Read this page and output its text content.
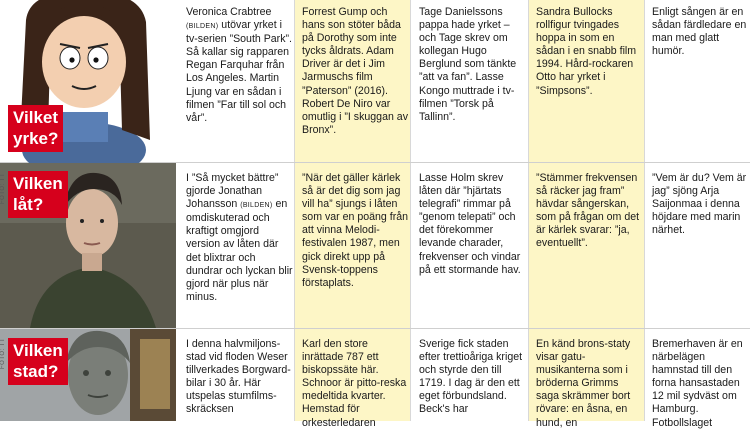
Vilket
yrke?
Vilken
låt?
FOTO: TT
Vilken
stad?
FOTO: TT
Veronica Crabtree (BILDEN) utövar yrket i tv-serien ”South Park”. Så kallar sig rapparen Regan Farquhar från Los Angeles. Martin Ljung var en sådan i filmen ”Far till sol och vår”.
Forrest Gump och hans son stöter båda på Dorothy som inte tycks åldrats. Adam Driver är det i Jim Jarmuschs film ”Paterson” (2016). Robert De Niro var omutlig i ”I skuggan av Bronx”.
Tage Danielssons pappa hade yrket – och Tage skrev om kollegan Hugo Berglund som tänkte ”att va fan”. Lasse Kongo muttrade i tv-filmen ”Torsk på Tallinn”.
Sandra Bullocks rollfigur tvingades hoppa in som en sådan i en snabb film 1994. Hård-rockaren Otto har yrket i ”Simpsons”.
Enligt sången är en sådan färdledare en man med glatt humör.
I ”Så mycket bättre” gjorde Jonathan Johansson (BILDEN) en omdiskuterad och kraftigt omgjord version av låten där det blixtrar och dundrar och lyckan blir gjord när plus när minus.
”När det gäller kärlek så är det dig som jag vill ha” sjungs i låten som var en poäng från att vinna Melodi-festivalen 1987, men gick direkt upp på Svensk-toppens förstaplats.
Lasse Holm skrev låten där ”hjärtats telegrafi” rimmar på ”genom telepati” och det förekommer levande charader, frekvenser och vindar på ett stormande hav.
”Stämmer frekvensen så räcker jag fram” hävdar sångerskan, som på frågan om det är kärlek svarar: ”ja, eventuellt”.
”Vem är du? Vem är jag” sjöng Arja Saijonmaa i denna höjdare med marin närhet.
I denna halvmiljons-stad vid floden Weser tillverkades Borgward-bilar i 30 år. Här utspelas stumfilms-skräcksen
Karl den store inrättade 787 ett biskopssäte här. Schnoor är pitto-reska medeltida kvarter. Hemstad för orkesterledaren
Sverige fick staden efter trettioåriga kriget och styrde den till 1719. I dag är den ett eget förbundsland. Beck's har
En känd brons-staty visar gatu-musikanterna som i bröderna Grimms saga skrämmer bort rövare: en åsna, en hund, en
Bremerhaven är en närbelägen hamnstad till den forna hansastaden 12 mil sydväst om Hamburg. Fotbollslaget
